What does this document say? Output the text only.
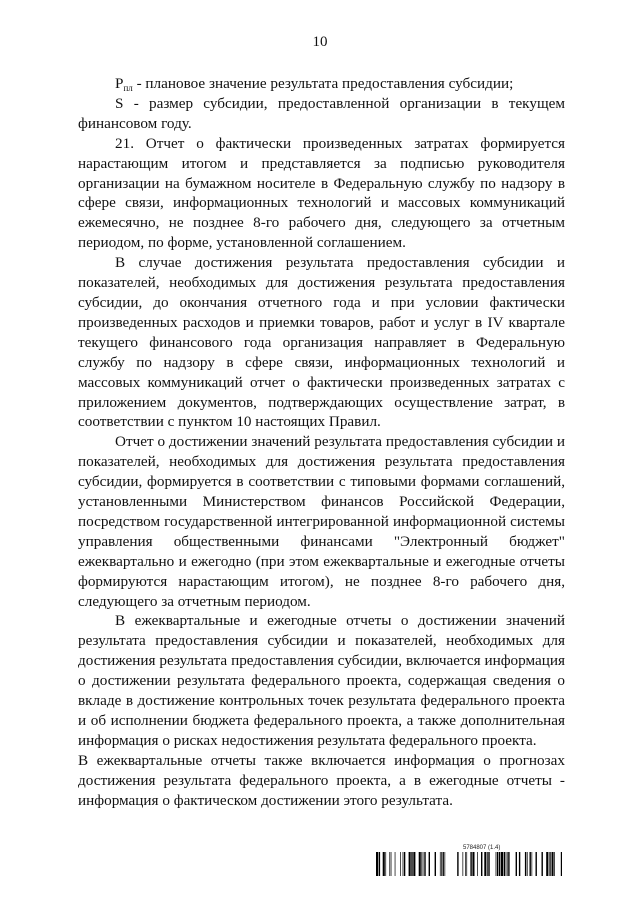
10

$P_{пл}$ - плановое значение результата предоставления субсидии;

S - размер субсидии, предоставленной организации в текущем финансовом году.

21. Отчет о фактически произведенных затратах формируется нарастающим итогом и представляется за подписью руководителя организации на бумажном носителе в Федеральную службу по надзору в сфере связи, информационных технологий и массовых коммуникаций ежемесячно, не позднее 8-го рабочего дня, следующего за отчетным периодом, по форме, установленной соглашением.

В случае достижения результата предоставления субсидии и показателей, необходимых для достижения результата предоставления субсидии, до окончания отчетного года и при условии фактически произведенных расходов и приемки товаров, работ и услуг в IV квартале текущего финансового года организация направляет в Федеральную службу по надзору в сфере связи, информационных технологий и массовых коммуникаций отчет о фактически произведенных затратах с приложением документов, подтверждающих осуществление затрат, в соответствии с пунктом 10 настоящих Правил.

Отчет о достижении значений результата предоставления субсидии и показателей, необходимых для достижения результата предоставления субсидии, формируется в соответствии с типовыми формами соглашений, установленными Министерством финансов Российской Федерации, посредством государственной интегрированной информационной системы управления общественными финансами "Электронный бюджет" ежеквартально и ежегодно (при этом ежеквартальные и ежегодные отчеты формируются нарастающим итогом), не позднее 8-го рабочего дня, следующего за отчетным периодом.

В ежеквартальные и ежегодные отчеты о достижении значений результата предоставления субсидии и показателей, необходимых для достижения результата предоставления субсидии, включается информация о достижении результата федерального проекта, содержащая сведения о вкладе в достижение контрольных точек результата федерального проекта и об исполнении бюджета федерального проекта, а также дополнительная информация о рисках недостижения результата федерального проекта.

В ежеквартальные отчеты также включается информация о прогнозах достижения результата федерального проекта, а в ежегодные отчеты - информация о фактическом достижении этого результата.

5784807 (1.4)
